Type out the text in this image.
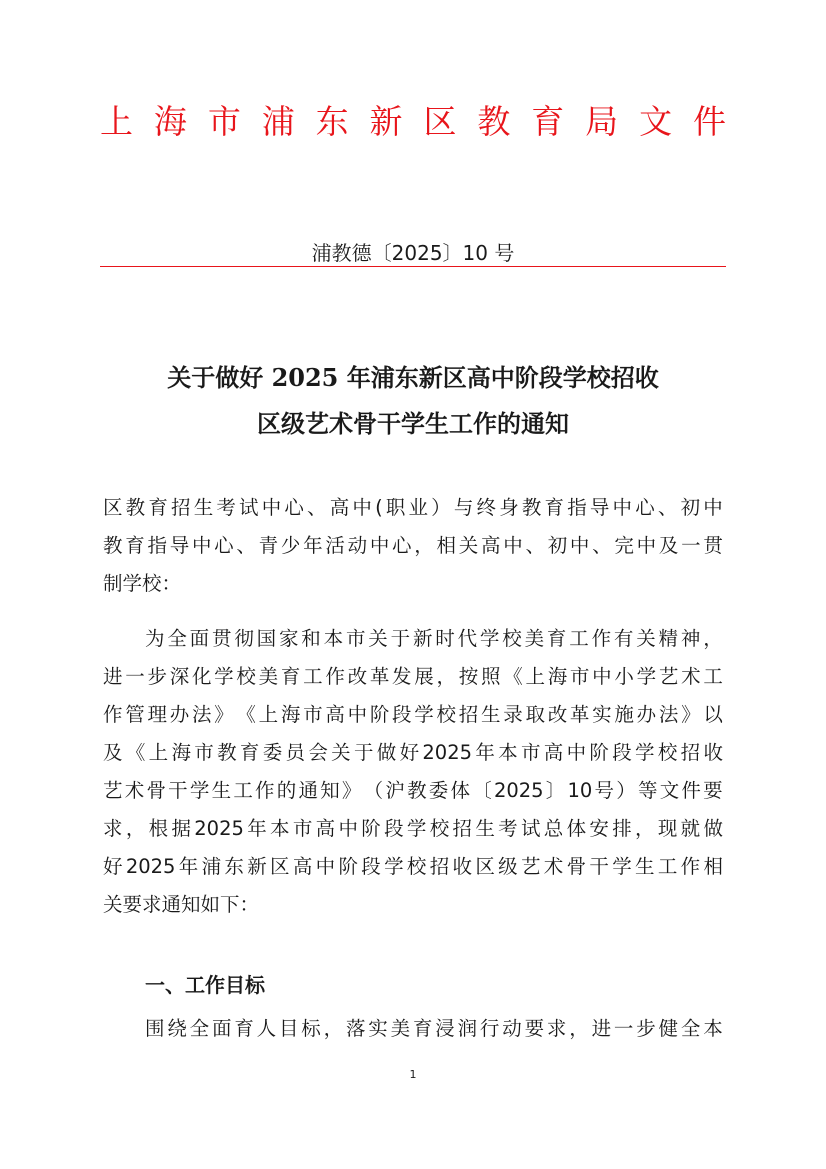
上 海 市 浦 东 新 区 教 育 局 文 件
浦教德〔2025〕10 号
关于做好 2025 年浦东新区高中阶段学校招收
区级艺术骨干学生工作的通知
区 教 育 招 生 考 试 中 心 、 高 中 ( 职 业 ） 与 终 身 教 育 指 导 中 心 、 初 中
教 育 指 导 中 心 、 青 少 年 活 动 中 心 ， 相 关 高 中 、 初 中 、 完 中 及 一 贯
制学校：
为 全 面 贯 彻 国 家 和 本 市 关 于 新 时 代 学 校 美 育 工 作 有 关 精 神 ，
进 一 步 深 化 学 校 美 育 工 作 改 革 发 展 ， 按 照 《 上 海 市 中 小 学 艺 术 工
作 管 理 办 法 》 《 上 海 市 高 中 阶 段 学 校 招 生 录 取 改 革 实 施 办 法 》 以
及 《 上 海 市 教 育 委 员 会 关 于 做 好 2025 年 本 市 高 中 阶 段 学 校 招 收
艺 术 骨 干 学 生 工 作 的 通 知 》 （ 沪 教 委 体 〔 2025 〕 10 号 ） 等 文 件 要
求 ， 根 据 2025 年 本 市 高 中 阶 段 学 校 招 生 考 试 总 体 安 排 ， 现 就 做
好 2025 年 浦 东 新 区 高 中 阶 段 学 校 招 收 区 级 艺 术 骨 干 学 生 工 作 相
关要求通知如下：
一、工作目标
围 绕 全 面 育 人 目 标 ， 落 实 美 育 浸 润 行 动 要 求 ， 进 一 步 健 全 本
1
